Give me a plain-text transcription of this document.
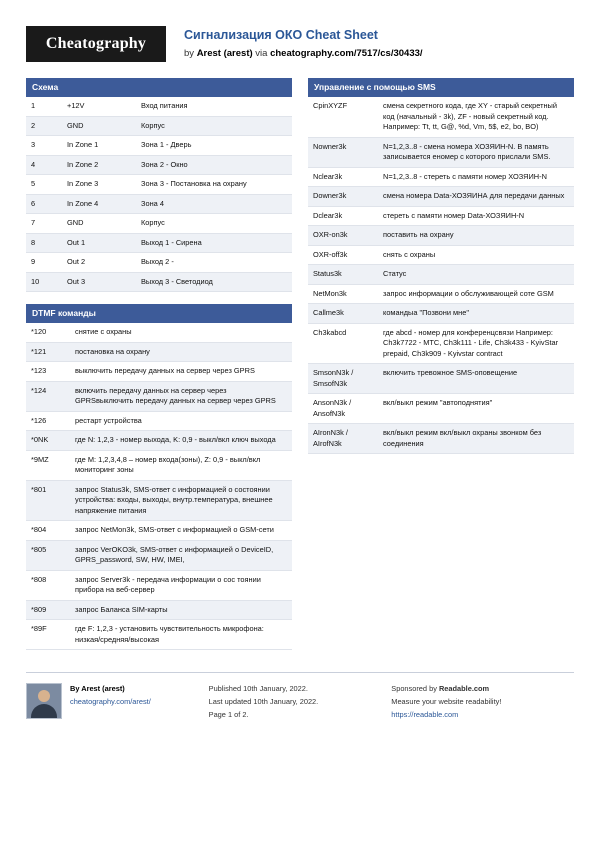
Cheatography	Сигнализация ОКО Cheat Sheet
by Arest (arest) via cheatography.com/7517/cs/30433/
Схема
1	+12V	Вход питания
2	GND	Корпус
3	In Zone 1	Зона 1 - Дверь
4	In Zone 2	Зона 2 - Окно
5	In Zone 3	Зона 3 - Постановка на охрану
6	In Zone 4	Зона 4
7	GND	Корпус
8	Out 1	Выход 1 - Сирена
9	Out 2	Выход 2 -
10	Out 3	Выход 3 - Светодиод
DTMF команды
*120	снятие с охраны
*121	постановка на охрану
*123	выключить передачу данных на сервер через GPRS
*124	включить передачу данных на сервер через GPRSвыключить передачу данных на сервер через GPRS
*126	рестарт устройства
*0NK	где N: 1,2,3 - номер выхода, K: 0,9 - выкл/вкл ключ выхода
*9MZ	где M: 1,2,3,4,8 – номер входа(зоны), Z: 0,9 - выкл/вкл мониторинг зоны
*801	запрос Status3k, SMS-ответ с информацией о состоянии устройства: входы, выходы, внутр.температура, внешнее напряжение питания
*804	запрос NetMon3k, SMS-ответ с информацией о GSM-сети
*805	запрос VerOKO3k, SMS-ответ с информацией о DeviceID, GPRS_password, SW, HW, IMEI,
*808	запрос Server3k - передача информации о сос тоянии прибора на веб-сервер
*809	запрос Баланса SIM-карты
*89F	где F: 1,2,3 - установить чувствительность микрофона: низкая/средняя/высокая
Управление с помощью SMS
CpinXYZF	смена секретного кода, где XY - старый секретный код (начальный - 3k), ZF - новый секретный код. Например: Tt, tt, G@, %d, Vm, 5$, e2, bo, BO)
Nowner3k	N=1,2,3..8 - смена номера ХОЗЯИН-N. В память записывается еномер с которого прислали SMS.
Nclear3k	N=1,2,3..8 - стереть с памяти номер ХОЗЯИН-N
Downer3k	смена номера Data-ХОЗЯИНА для передачи данных
Dclear3k	стереть с памяти номер Data-ХОЗЯИН-N
OXR-on3k	поставить на охрану
OXR-off3k	снять с охраны
Status3k	Статус
NetMon3k	запрос информации о обслуживающей соте GSM
Callme3k	командыа "Позвони мне"
Ch3kabcd	где abcd - номер для конференцсвязи Например: Ch3k7722 - MTC, Ch3k111 - Life, Ch3k433 - KyivStar prepaid, Ch3k909 - Kyivstar contract
SmsonN3k / SmsofN3k	включить тревожное SMS-оповещение
AnsonN3k / AnsofN3k	вкл/выкл режим "автоподнятия"
AIronN3k / AIrofN3k	вкл/выкл режим вкл/выкл охраны звонком без соединения
By Arest (arest)
cheatography.com/arest/
Published 10th January, 2022.
Last updated 10th January, 2022.
Page 1 of 2.
Sponsored by Readable.com
Measure your website readability!
https://readable.com
